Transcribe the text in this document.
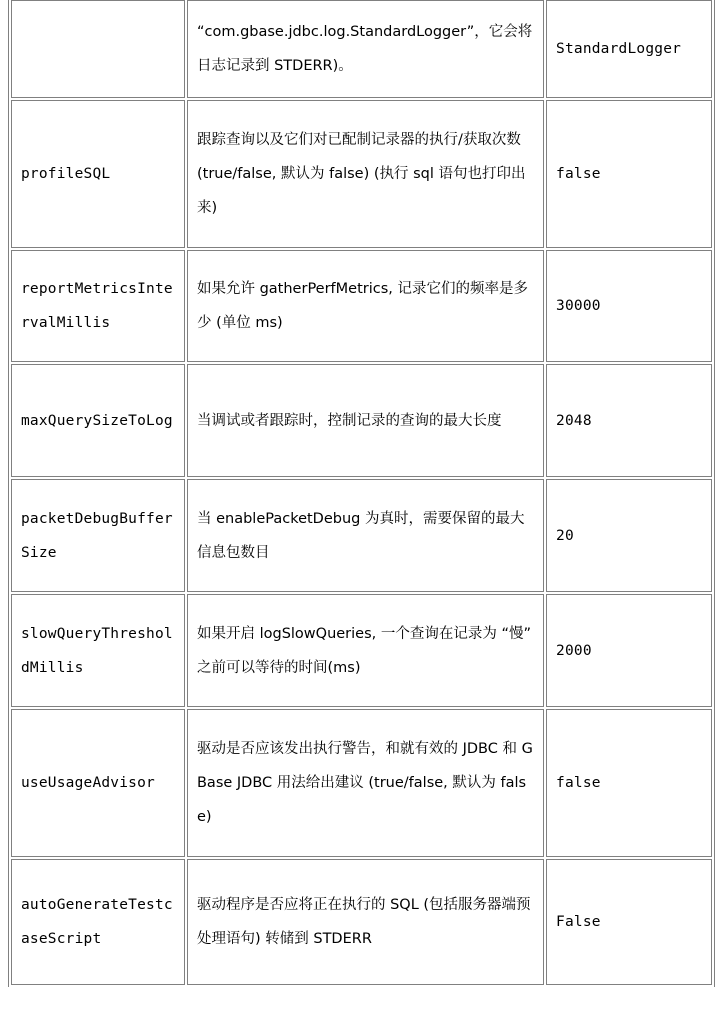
	“com.gbase.jdbc.log.StandardLogger”，它会将日志记录到 STDERR)。	StandardLogger
profileSQL	跟踪查询以及它们对已配制记录器的执行/获取次数 (true/false, 默认为 false) (执行 sql 语句也打印出来)	false
reportMetricsIntervalMillis	如果允许 gatherPerfMetrics, 记录它们的频率是多少 (单位 ms)	30000
maxQuerySizeToLog	当调试或者跟踪时，控制记录的查询的最大长度	2048
packetDebugBufferSize	当 enablePacketDebug 为真时，需要保留的最大信息包数目	20
slowQueryThresholdMillis	如果开启 logSlowQueries, 一个查询在记录为 “慢” 之前可以等待的时间(ms)	2000
useUsageAdvisor	驱动是否应该发出执行警告，和就有效的 JDBC 和 GBase JDBC 用法给出建议 (true/false, 默认为 false)	false
autoGenerateTestcaseScript	驱动程序是否应将正在执行的 SQL (包括服务器端预处理语句) 转储到 STDERR	False
